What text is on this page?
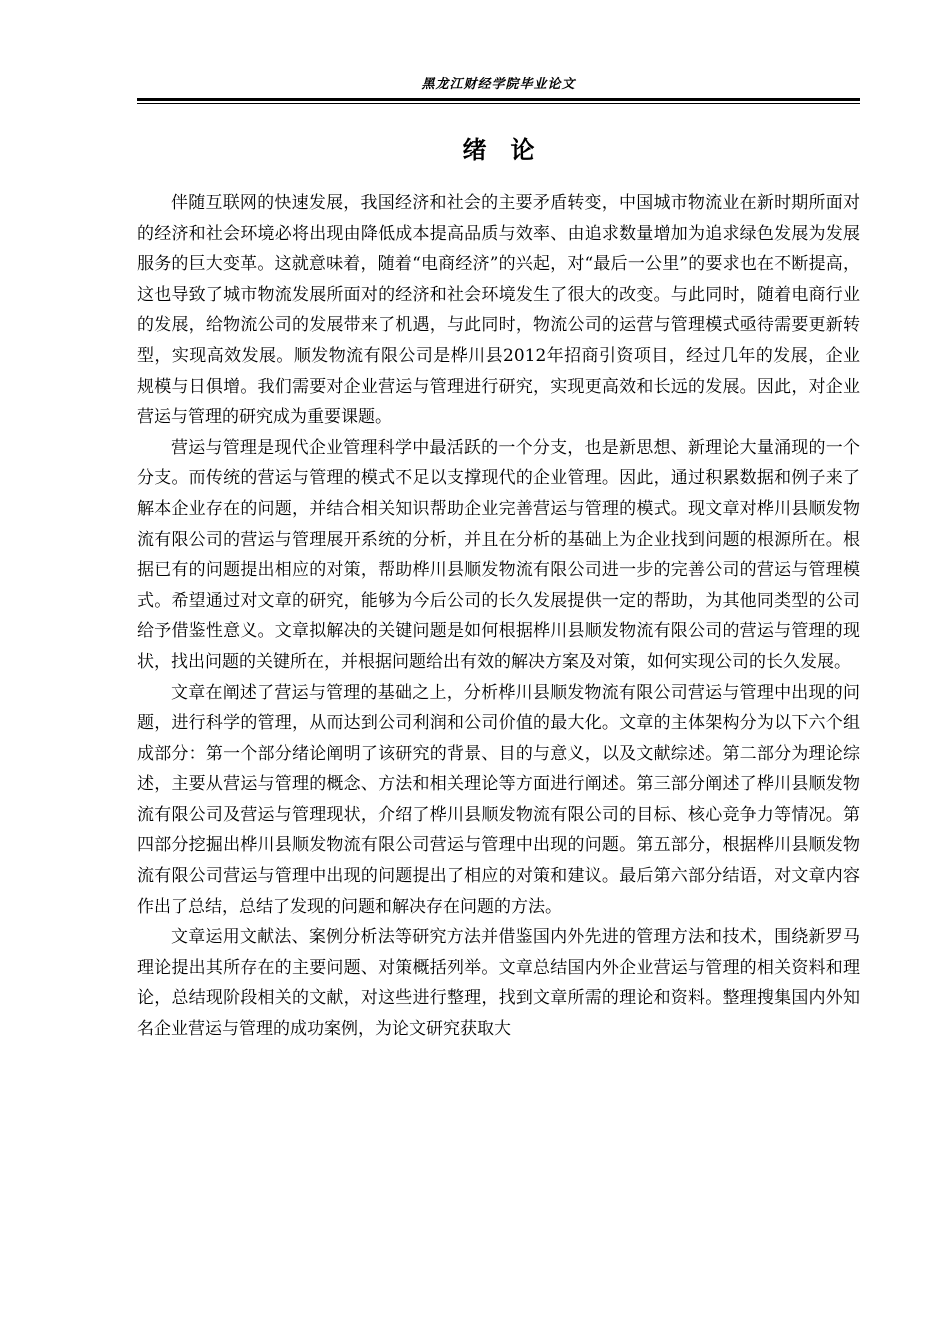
黑龙江财经学院毕业论文
绪　论

伴随互联网的快速发展，我国经济和社会的主要矛盾转变，中国城市物流业在新时期所面对的经济和社会环境必将出现由降低成本提高品质与效率、由追求数量增加为追求绿色发展为发展服务的巨大变革。这就意味着，随着“电商经济”的兴起，对“最后一公里”的要求也在不断提高，这也导致了城市物流发展所面对的经济和社会环境发生了很大的改变。与此同时，随着电商行业的发展，给物流公司的发展带来了机遇，与此同时，物流公司的运营与管理模式亟待需要更新转型，实现高效发展。顺发物流有限公司是桦川县2012年招商引资项目，经过几年的发展，企业规模与日俱增。我们需要对企业营运与管理进行研究，实现更高效和长远的发展。因此，对企业营运与管理的研究成为重要课题。

营运与管理是现代企业管理科学中最活跃的一个分支，也是新思想、新理论大量涌现的一个分支。而传统的营运与管理的模式不足以支撑现代的企业管理。因此，通过积累数据和例子来了解本企业存在的问题，并结合相关知识帮助企业完善营运与管理的模式。现文章对桦川县顺发物流有限公司的营运与管理展开系统的分析，并且在分析的基础上为企业找到问题的根源所在。根据已有的问题提出相应的对策，帮助桦川县顺发物流有限公司进一步的完善公司的营运与管理模式。希望通过对文章的研究，能够为今后公司的长久发展提供一定的帮助，为其他同类型的公司给予借鉴性意义。文章拟解决的关键问题是如何根据桦川县顺发物流有限公司的营运与管理的现状，找出问题的关键所在，并根据问题给出有效的解决方案及对策，如何实现公司的长久发展。

文章在阐述了营运与管理的基础之上，分析桦川县顺发物流有限公司营运与管理中出现的问题，进行科学的管理，从而达到公司利润和公司价值的最大化。文章的主体架构分为以下六个组成部分：第一个部分绪论阐明了该研究的背景、目的与意义，以及文献综述。第二部分为理论综述，主要从营运与管理的概念、方法和相关理论等方面进行阐述。第三部分阐述了桦川县顺发物流有限公司及营运与管理现状，介绍了桦川县顺发物流有限公司的目标、核心竞争力等情况。第四部分挖掘出桦川县顺发物流有限公司营运与管理中出现的问题。第五部分，根据桦川县顺发物流有限公司营运与管理中出现的问题提出了相应的对策和建议。最后第六部分结语，对文章内容作出了总结，总结了发现的问题和解决存在问题的方法。

文章运用文献法、案例分析法等研究方法并借鉴国内外先进的管理方法和技术，围绕新罗马理论提出其所存在的主要问题、对策概括列举。文章总结国内外企业营运与管理的相关资料和理论，总结现阶段相关的文献，对这些进行整理，找到文章所需的理论和资料。整理搜集国内外知名企业营运与管理的成功案例，为论文研究获取大
